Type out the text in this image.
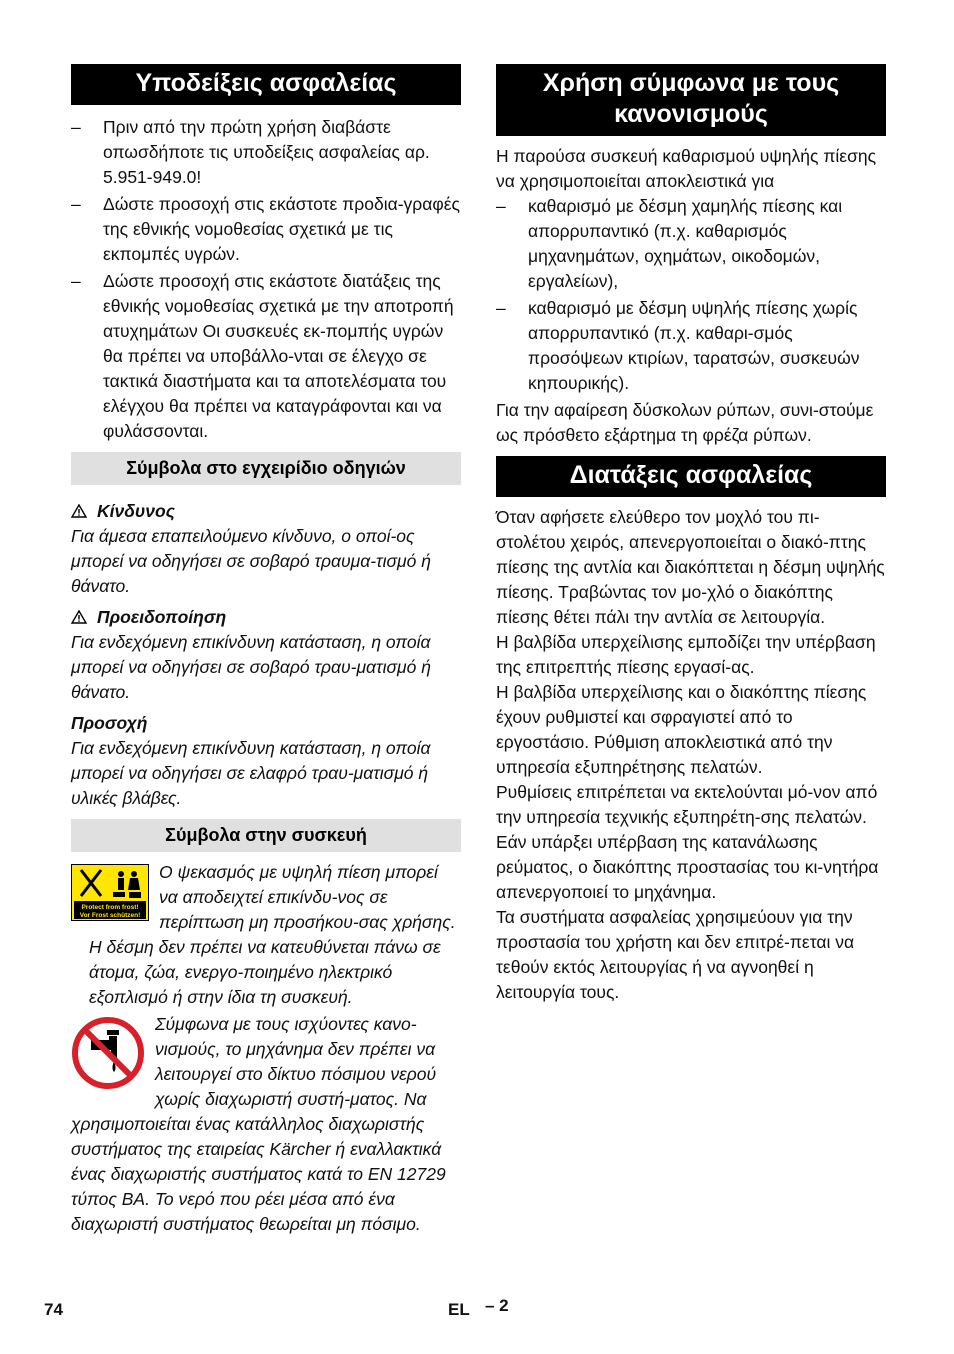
Υποδείξεις ασφαλείας
–	Πριν από την πρώτη χρήση διαβάστε οπωσδήποτε τις υποδείξεις ασφαλείας αρ. 5.951-949.0!
–	Δώστε προσοχή στις εκάστοτε προδια-γραφές της εθνικής νομοθεσίας σχετικά με τις εκπομπές υγρών.
–	Δώστε προσοχή στις εκάστοτε διατάξεις της εθνικής νομοθεσίας σχετικά με την αποτροπή ατυχημάτων Οι συσκευές εκ-πομπής υγρών θα πρέπει να υποβάλλο-νται σε έλεγχο σε τακτικά διαστήματα και τα αποτελέσματα του ελέγχου θα πρέπει να καταγράφονται και να φυλάσσονται.
Σύμβολα στο εγχειρίδιο οδηγιών
Κίνδυνος

Για άμεσα επαπειλούμενο κίνδυνο, ο οποί-ος μπορεί να οδηγήσει σε σοβαρό τραυμα-τισμό ή θάνατο.

Προειδοποίηση

Για ενδεχόμενη επικίνδυνη κατάσταση, η οποία μπορεί να οδηγήσει σε σοβαρό τραυ-ματισμό ή θάνατο.

Προσοχή

Για ενδεχόμενη επικίνδυνη κατάσταση, η οποία μπορεί να οδηγήσει σε ελαφρό τραυ-ματισμό ή υλικές βλάβες.

Σύμβολα στην συσκευή
Protect from frost!
Vor Frost schützen!

Ο ψεκασμός με υψηλή πίεση μπορεί να αποδειχτεί επικίνδυ-νος σε περίπτωση μη προσήκου-σας χρήσης. Η δέσμη δεν πρέπει να κατευθύνεται πάνω σε άτομα, ζώα, ενεργο-ποιημένο ηλεκτρικό εξοπλισμό ή στην ίδια τη συσκευή.

Σύμφωνα με τους ισχύοντες κανο-νισμούς, το μηχάνημα δεν πρέπει να λειτουργεί στο δίκτυο πόσιμου νερού χωρίς διαχωριστή συστή-ματος. Να χρησιμοποιείται ένας κατάλληλος διαχωριστής συστήματος της εταιρείας Kärcher ή εναλλακτικά ένας διαχωριστής συστήματος κατά το EN 12729 τύπος BA. Το νερό που ρέει μέσα από ένα διαχωριστή συστήματος θεωρείται μη πόσιμο.

Χρήση σύμφωνα με τους κανονισμούς

Η παρούσα συσκευή καθαρισμού υψηλής πίεσης να χρησιμοποιείται αποκλειστικά για

–	καθαρισμό με δέσμη χαμηλής πίεσης και απορρυπαντικό (π.χ. καθαρισμός μηχανημάτων, οχημάτων, οικοδομών, εργαλείων),
–	καθαρισμό με δέσμη υψηλής πίεσης χωρίς απορρυπαντικό (π.χ. καθαρι-σμός προσόψεων κτιρίων, ταρατσών, συσκευών κηπουρικής).

Για την αφαίρεση δύσκολων ρύπων, συνι-στούμε ως πρόσθετο εξάρτημα τη φρέζα ρύπων.

Διατάξεις ασφαλείας

Όταν αφήσετε ελεύθερο τον μοχλό του πι-στολέτου χειρός, απενεργοποιείται ο διακό-πτης πίεσης της αντλία και διακόπτεται η δέσμη υψηλής πίεσης. Τραβώντας τον μο-χλό ο διακόπτης πίεσης θέτει πάλι την αντλία σε λειτουργία.

Η βαλβίδα υπερχείλισης εμποδίζει την υπέρβαση της επιτρεπτής πίεσης εργασί-ας.

Η βαλβίδα υπερχείλισης και ο διακόπτης πίεσης έχουν ρυθμιστεί και σφραγιστεί από το εργοστάσιο. Ρύθμιση αποκλειστικά από την υπηρεσία εξυπηρέτησης πελατών.

Ρυθμίσεις επιτρέπεται να εκτελούνται μό-νον από την υπηρεσία τεχνικής εξυπηρέτη-σης πελατών.

Εάν υπάρξει υπέρβαση της κατανάλωσης ρεύματος, ο διακόπτης προστασίας του κι-νητήρα απενεργοποιεί το μηχάνημα.

Τα συστήματα ασφαλείας χρησιμεύουν για την προστασία του χρήστη και δεν επιτρέ-πεται να τεθούν εκτός λειτουργίας ή να αγνοηθεί η λειτουργία τους.

74	EL – 2
